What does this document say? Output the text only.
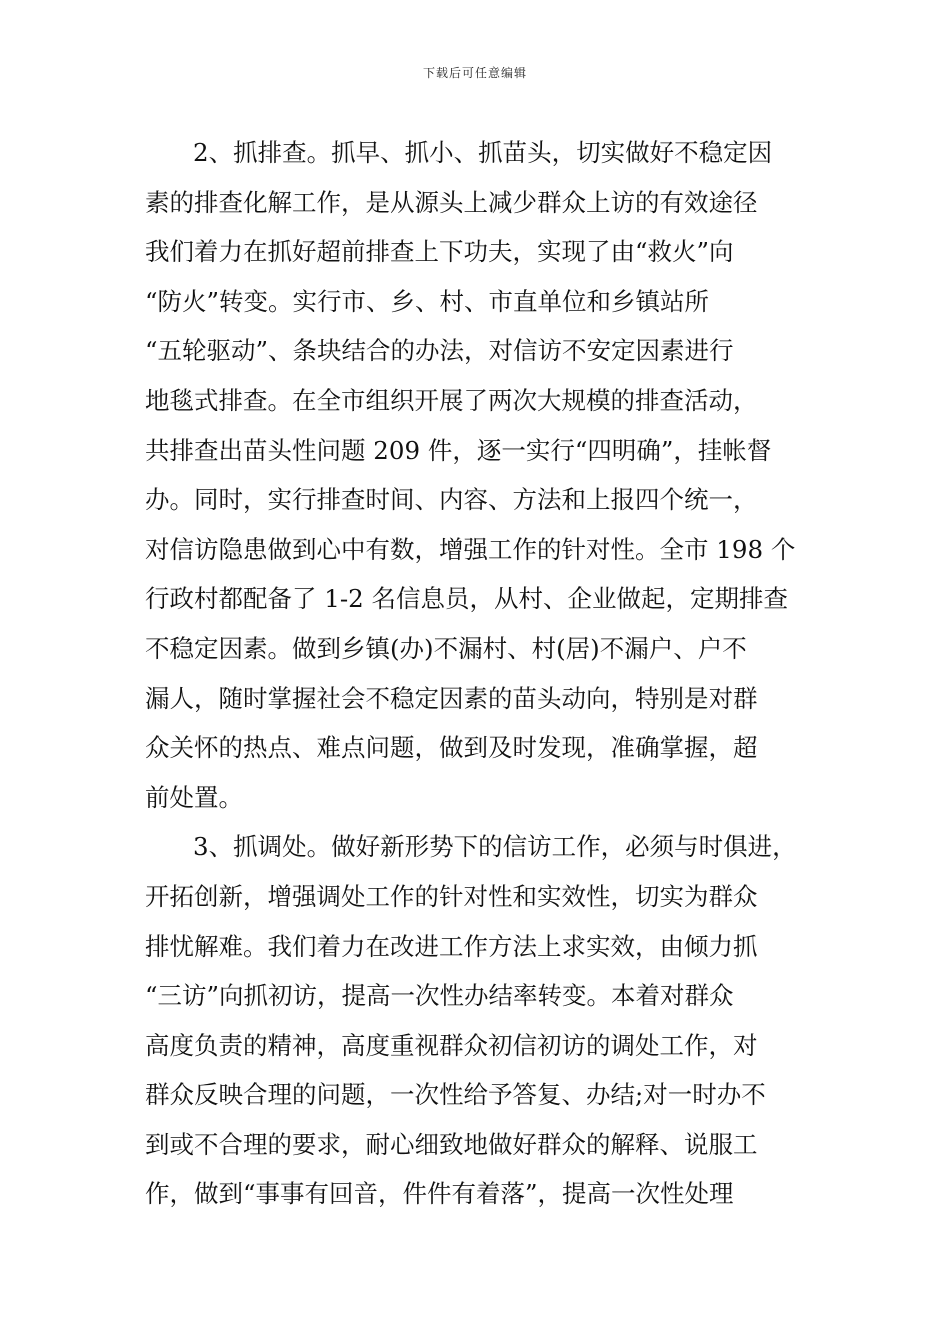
下载后可任意编辑
2、抓排查。抓早、抓小、抓苗头，切实做好不稳定因
素的排查化解工作，是从源头上减少群众上访的有效途径
我们着力在抓好超前排查上下功夫，实现了由“救火”向
“防火”转变。实行市、乡、村、市直单位和乡镇站所
“五轮驱动”、条块结合的办法，对信访不安定因素进行
地毯式排查。在全市组织开展了两次大规模的排查活动，
共排查出苗头性问题 209 件，逐一实行“四明确”，挂帐督
办。同时，实行排查时间、内容、方法和上报四个统一，
对信访隐患做到心中有数，增强工作的针对性。全市 198 个
行政村都配备了 1-2 名信息员，从村、企业做起，定期排查
不稳定因素。做到乡镇(办)不漏村、村(居)不漏户、户不
漏人，随时掌握社会不稳定因素的苗头动向，特别是对群
众关怀的热点、难点问题，做到及时发现，准确掌握，超
前处置。
3、抓调处。做好新形势下的信访工作，必须与时俱进，
开拓创新，增强调处工作的针对性和实效性，切实为群众
排忧解难。我们着力在改进工作方法上求实效，由倾力抓
“三访”向抓初访，提高一次性办结率转变。本着对群众
高度负责的精神，高度重视群众初信初访的调处工作，对
群众反映合理的问题，一次性给予答复、办结;对一时办不
到或不合理的要求，耐心细致地做好群众的解释、说服工
作，做到“事事有回音，件件有着落”，提高一次性处理
